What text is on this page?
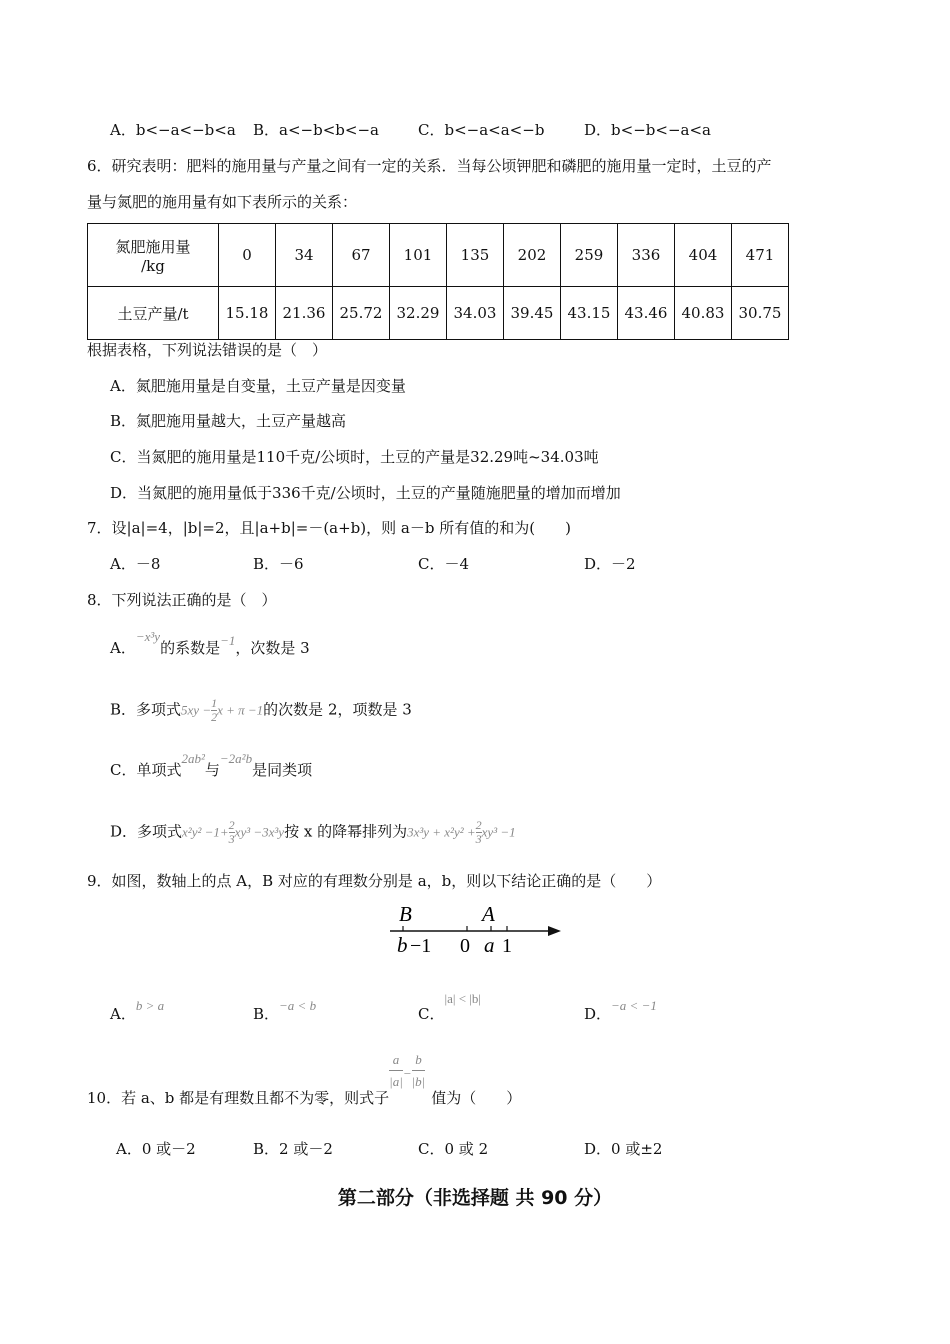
A．b<−a<−b<a B．a<−b<b<−a	C．b<−a<a<−b	D．b<−b<−a<a
6．研究表明：肥料的施用量与产量之间有一定的关系．当每公顷钾肥和磷肥的施用量一定时，土豆的产
量与氮肥的施用量有如下表所示的关系：
氮肥施用量
/kg	0	34	67	101	135	202	259	336	404	471
土豆产量/t	15.18	21.36	25.72	32.29	34.03	39.45	43.15	43.46	40.83	30.75
根据表格，下列说法错误的是（　）
A．氮肥施用量是自变量，土豆产量是因变量
B．氮肥施用量越大，土豆产量越高
C．当氮肥的施用量是110千克/公顷时，土豆的产量是32.29吨~34.03吨
D．当氮肥的施用量低于336千克/公顷时，土豆的产量随施肥量的增加而增加
7．设|a|=4，|b|=2，且|a+b|=－(a+b)，则 a－b 所有值的和为(　　)
A．－8	B．－6	C．－4	D．－2
8．下列说法正确的是（　）
A．−x³y的系数是−1，次数是 3
B．多项式$5xy - \frac{1}{2}$ x + π −1的次数是 2，项数是 3
C．单项式2ab²与−2a²b是同类项
D．多项式$x^2y^2 -1+ \frac{2}{3} xy^3 -3x^3y$按 x 的降幂排列为$3x^3y + x^2y^2 + \frac{2}{3} xy^3 -1$
9．如图，数轴上的点 A，B 对应的有理数分别是 a，b，则以下结论正确的是（　　）
B	A
b −1 0 a 1
A．b > a	B．−a < b	C．|a| < |b|
D．−a < −1
10．若 a、b 都是有理数且都不为零，则式子
$\frac{a}{|a|} - \frac{b}{|b|}$
值为（　　）
A．0 或－2	B．2 或－2	C．0 或 2	D．0 或±2
第二部分（非选择题 共 90 分）
